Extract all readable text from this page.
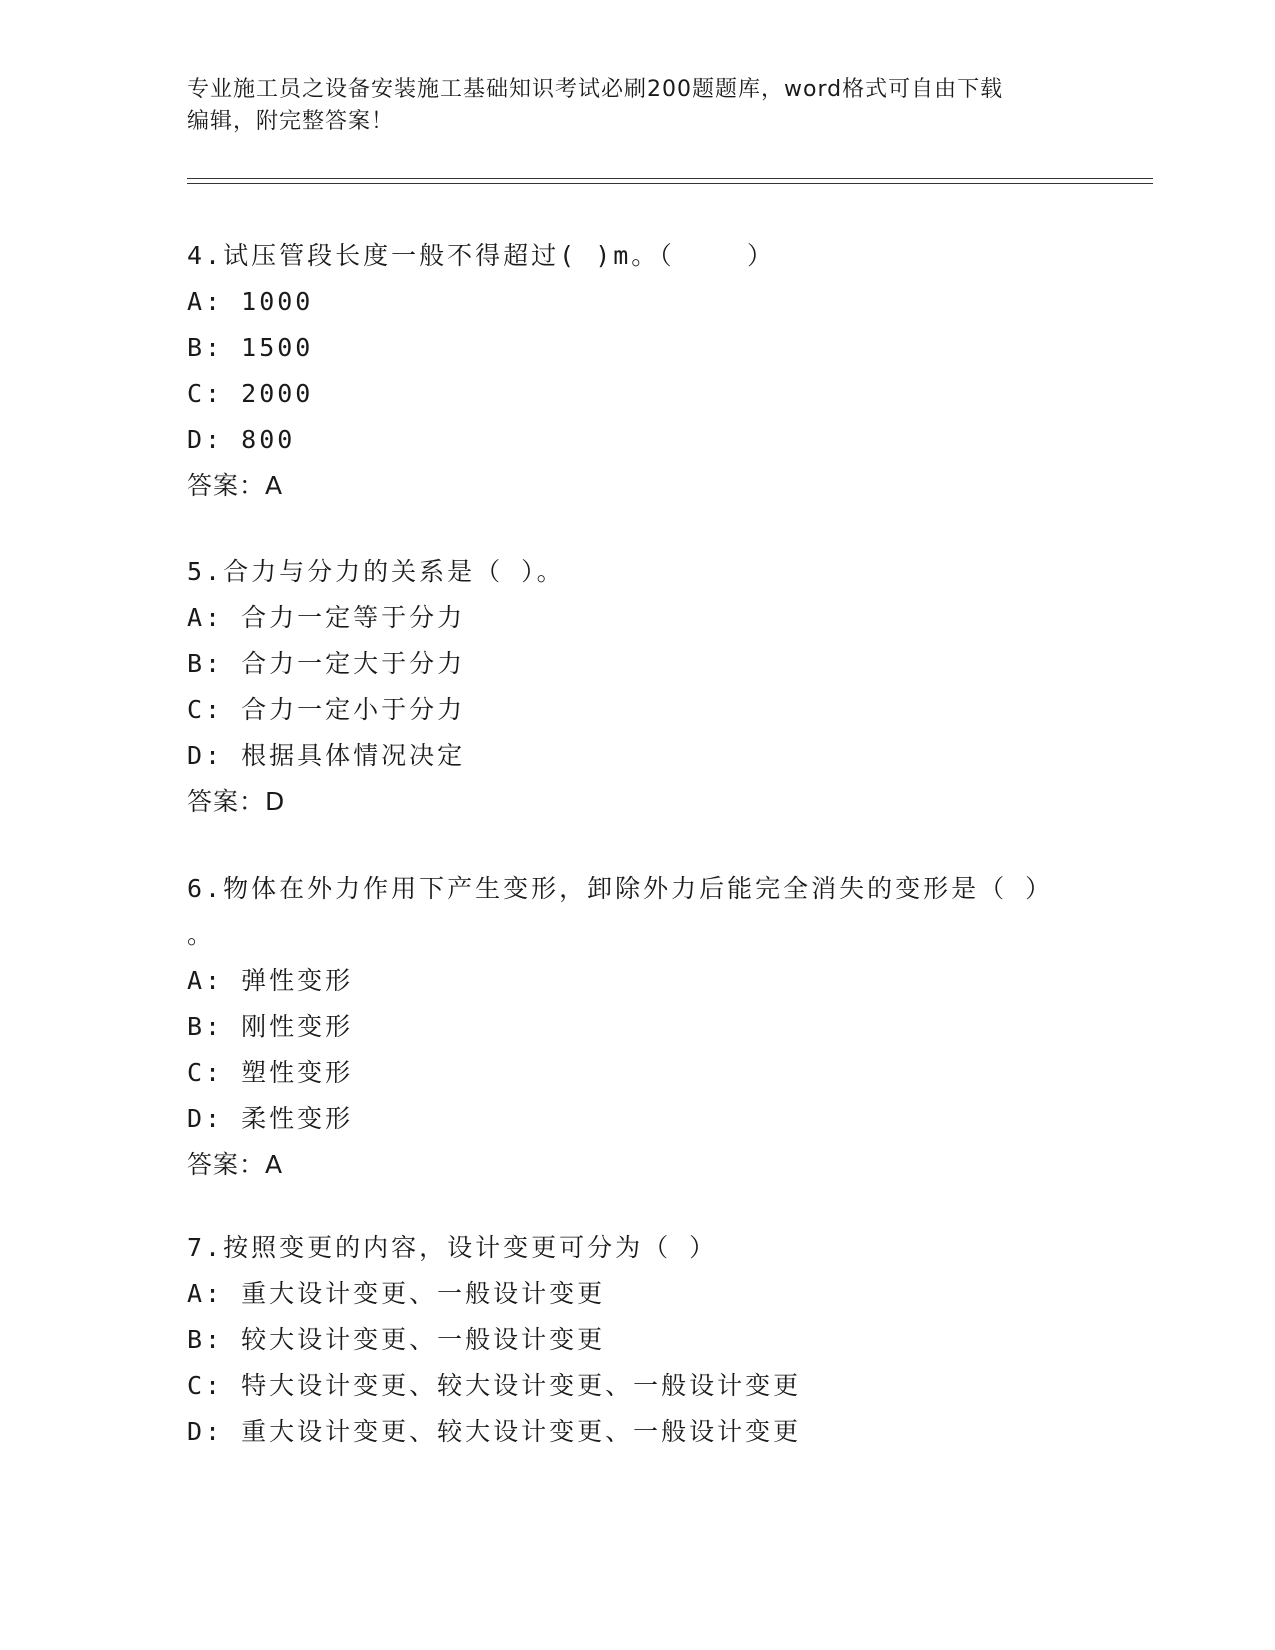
专业施工员之设备安装施工基础知识考试必刷200题题库，word格式可自由下载
编辑，附完整答案！
4.试压管段长度一般不得超过( )m。（    ）
A: 1000
B: 1500
C: 2000
D: 800
答案：A
5.合力与分力的关系是（ ）。
A: 合力一定等于分力
B: 合力一定大于分力
C: 合力一定小于分力
D: 根据具体情况决定
答案：D
6.物体在外力作用下产生变形，卸除外力后能完全消失的变形是（ ）
。
A: 弹性变形
B: 刚性变形
C: 塑性变形
D: 柔性变形
答案：A
7.按照变更的内容，设计变更可分为（ ）
A: 重大设计变更、一般设计变更
B: 较大设计变更、一般设计变更
C: 特大设计变更、较大设计变更、一般设计变更
D: 重大设计变更、较大设计变更、一般设计变更
